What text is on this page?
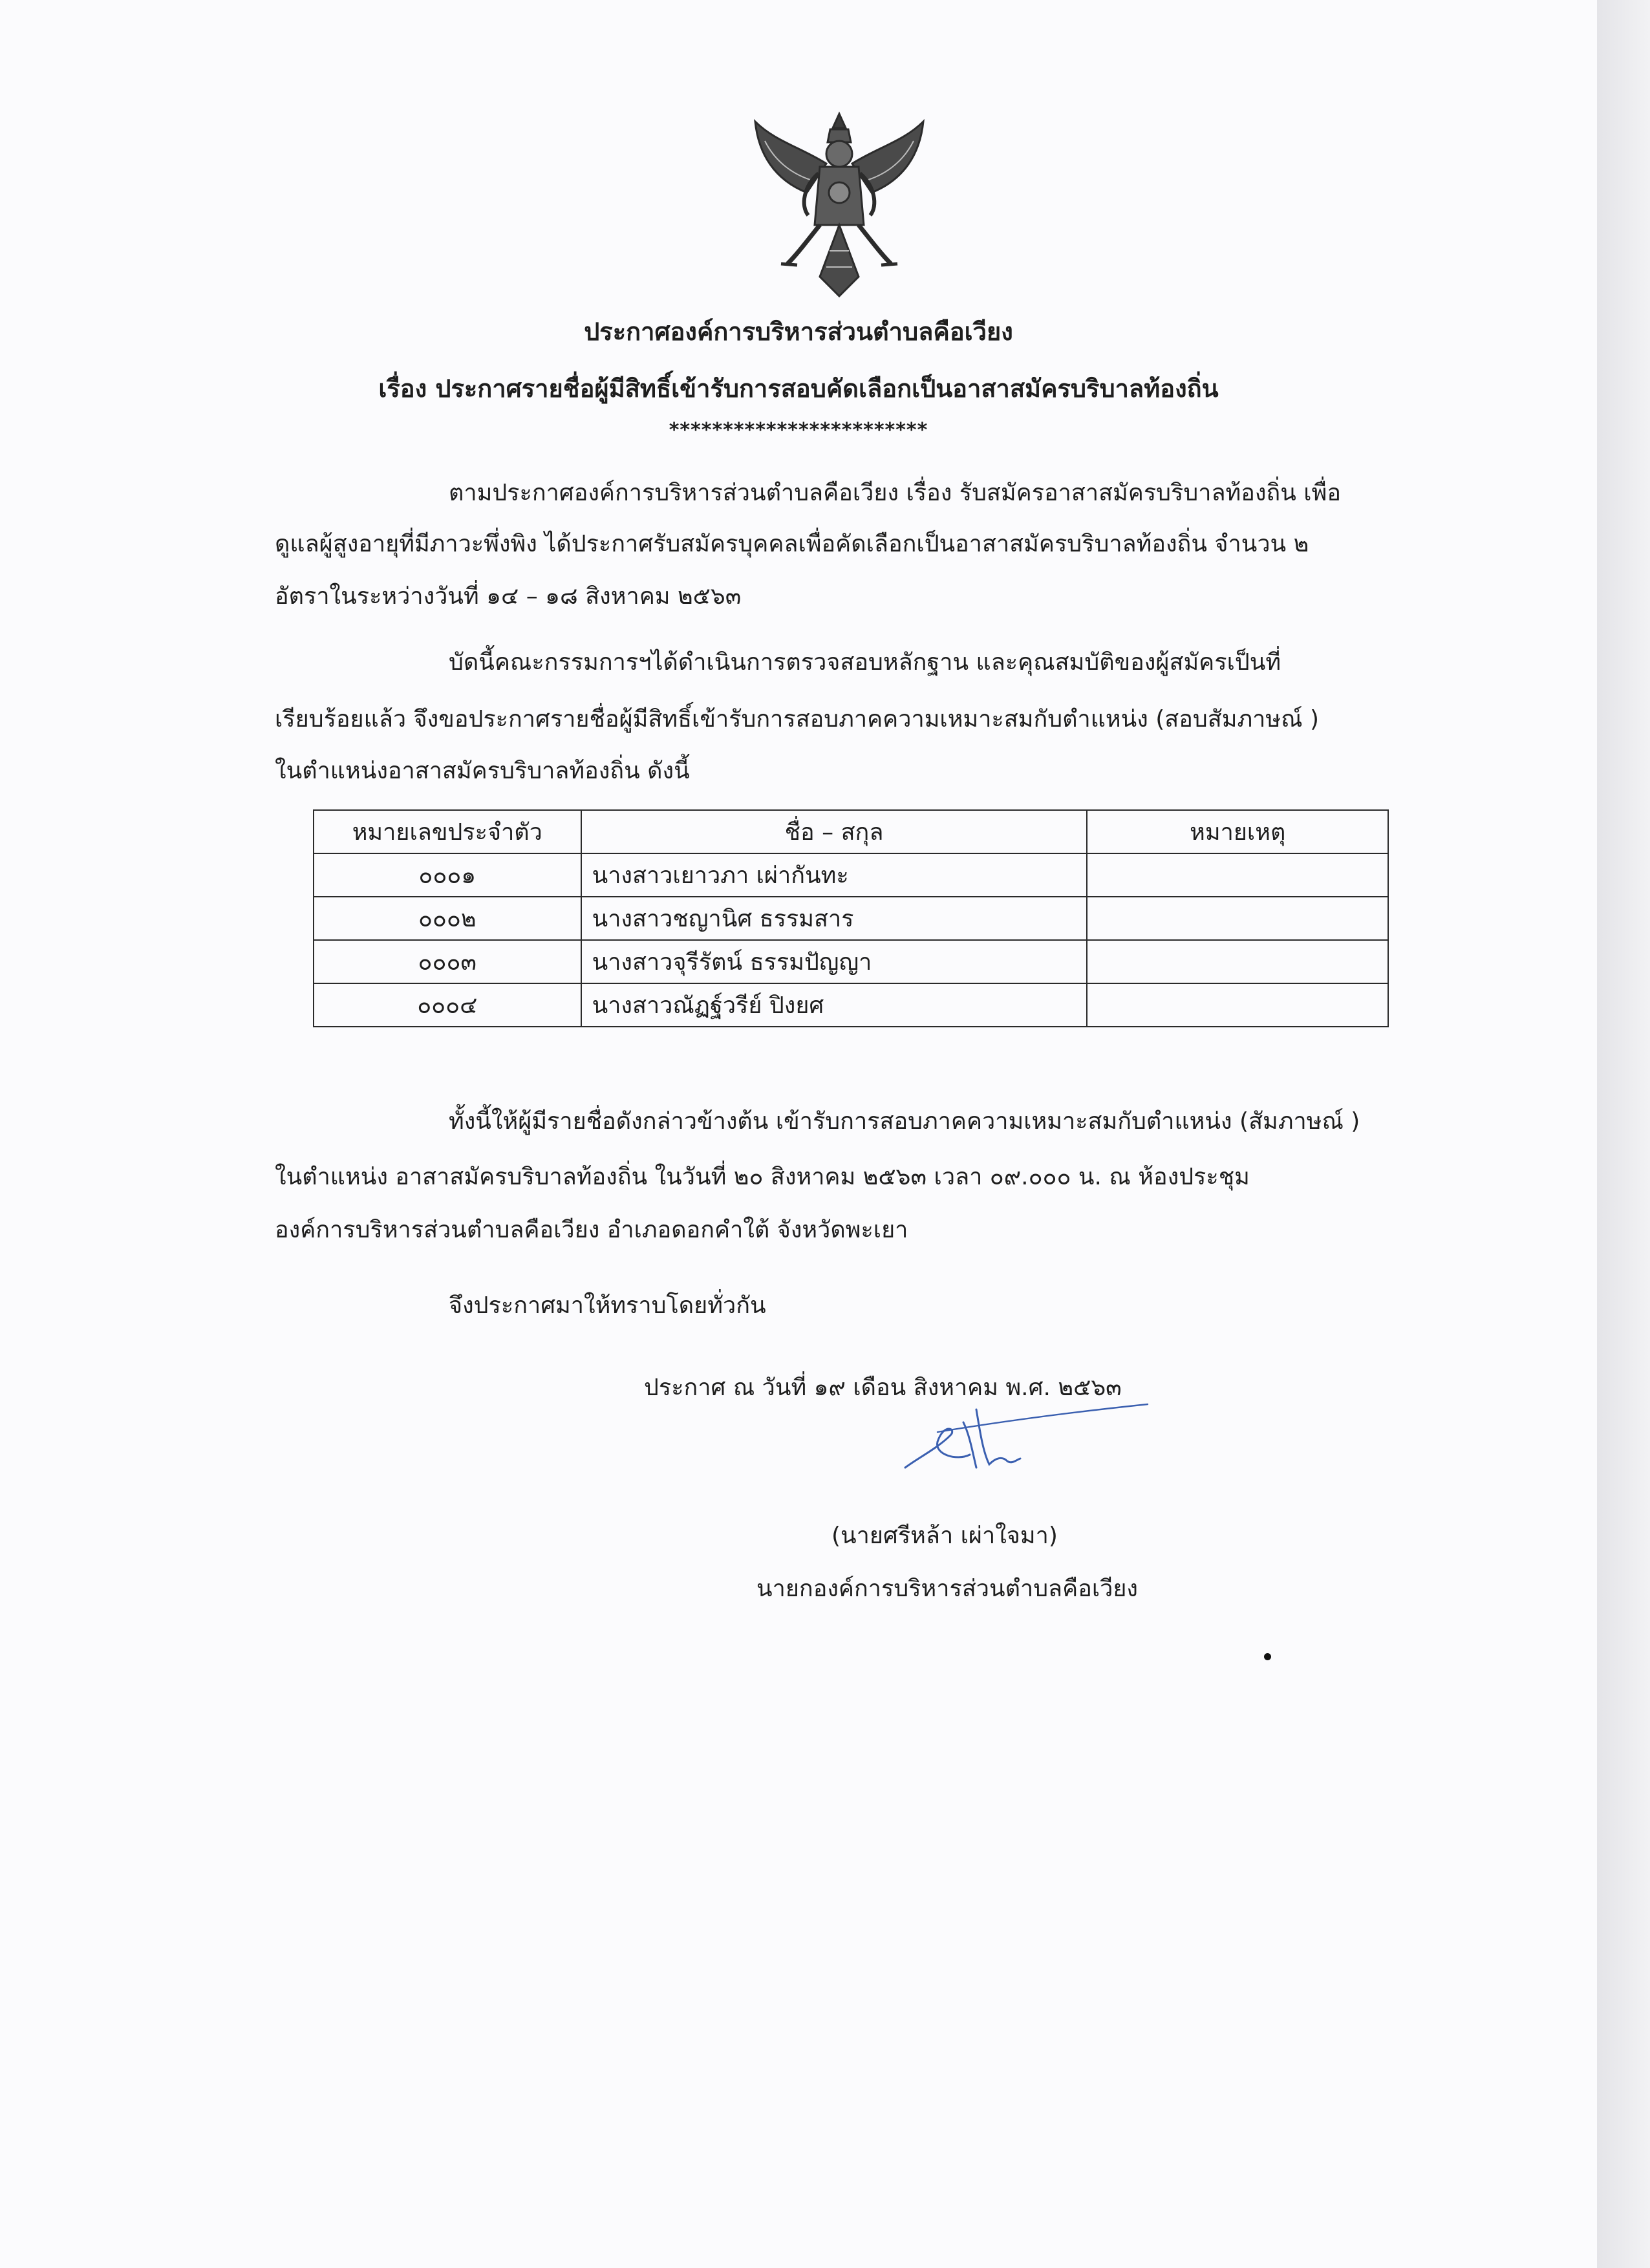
ประกาศองค์การบริหารส่วนตำบลคือเวียง
เรื่อง ประกาศรายชื่อผู้มีสิทธิ์เข้ารับการสอบคัดเลือกเป็นอาสาสมัครบริบาลท้องถิ่น
************************
ตามประกาศองค์การบริหารส่วนตำบลคือเวียง เรื่อง รับสมัครอาสาสมัครบริบาลท้องถิ่น เพื่อ
ดูแลผู้สูงอายุที่มีภาวะพึ่งพิง ได้ประกาศรับสมัครบุคคลเพื่อคัดเลือกเป็นอาสาสมัครบริบาลท้องถิ่น จำนวน ๒
อัตราในระหว่างวันที่ ๑๔ – ๑๘ สิงหาคม ๒๕๖๓
บัดนี้คณะกรรมการฯได้ดำเนินการตรวจสอบหลักฐาน และคุณสมบัติของผู้สมัครเป็นที่
เรียบร้อยแล้ว จึงขอประกาศรายชื่อผู้มีสิทธิ์เข้ารับการสอบภาคความเหมาะสมกับตำแหน่ง (สอบสัมภาษณ์ )
ในตำแหน่งอาสาสมัครบริบาลท้องถิ่น ดังนี้
หมายเลขประจำตัว	ชื่อ – สกุล	หมายเหตุ
๐๐๐๑	นางสาวเยาวภา เผ่ากันทะ	
๐๐๐๒	นางสาวชญานิศ ธรรมสาร	
๐๐๐๓	นางสาวจุรีรัตน์ ธรรมปัญญา	
๐๐๐๔	นางสาวณัฏฐ์วรีย์ ปิงยศ	
ทั้งนี้ให้ผู้มีรายชื่อดังกล่าวข้างต้น เข้ารับการสอบภาคความเหมาะสมกับตำแหน่ง (สัมภาษณ์ )
ในตำแหน่ง อาสาสมัครบริบาลท้องถิ่น ในวันที่ ๒๐ สิงหาคม ๒๕๖๓ เวลา ๐๙.๐๐๐ น. ณ ห้องประชุม
องค์การบริหารส่วนตำบลคือเวียง อำเภอดอกคำใต้ จังหวัดพะเยา
จึงประกาศมาให้ทราบโดยทั่วกัน
ประกาศ ณ วันที่ ๑๙ เดือน สิงหาคม พ.ศ. ๒๕๖๓
(นายศรีหล้า เผ่าใจมา)
นายกองค์การบริหารส่วนตำบลคือเวียง
